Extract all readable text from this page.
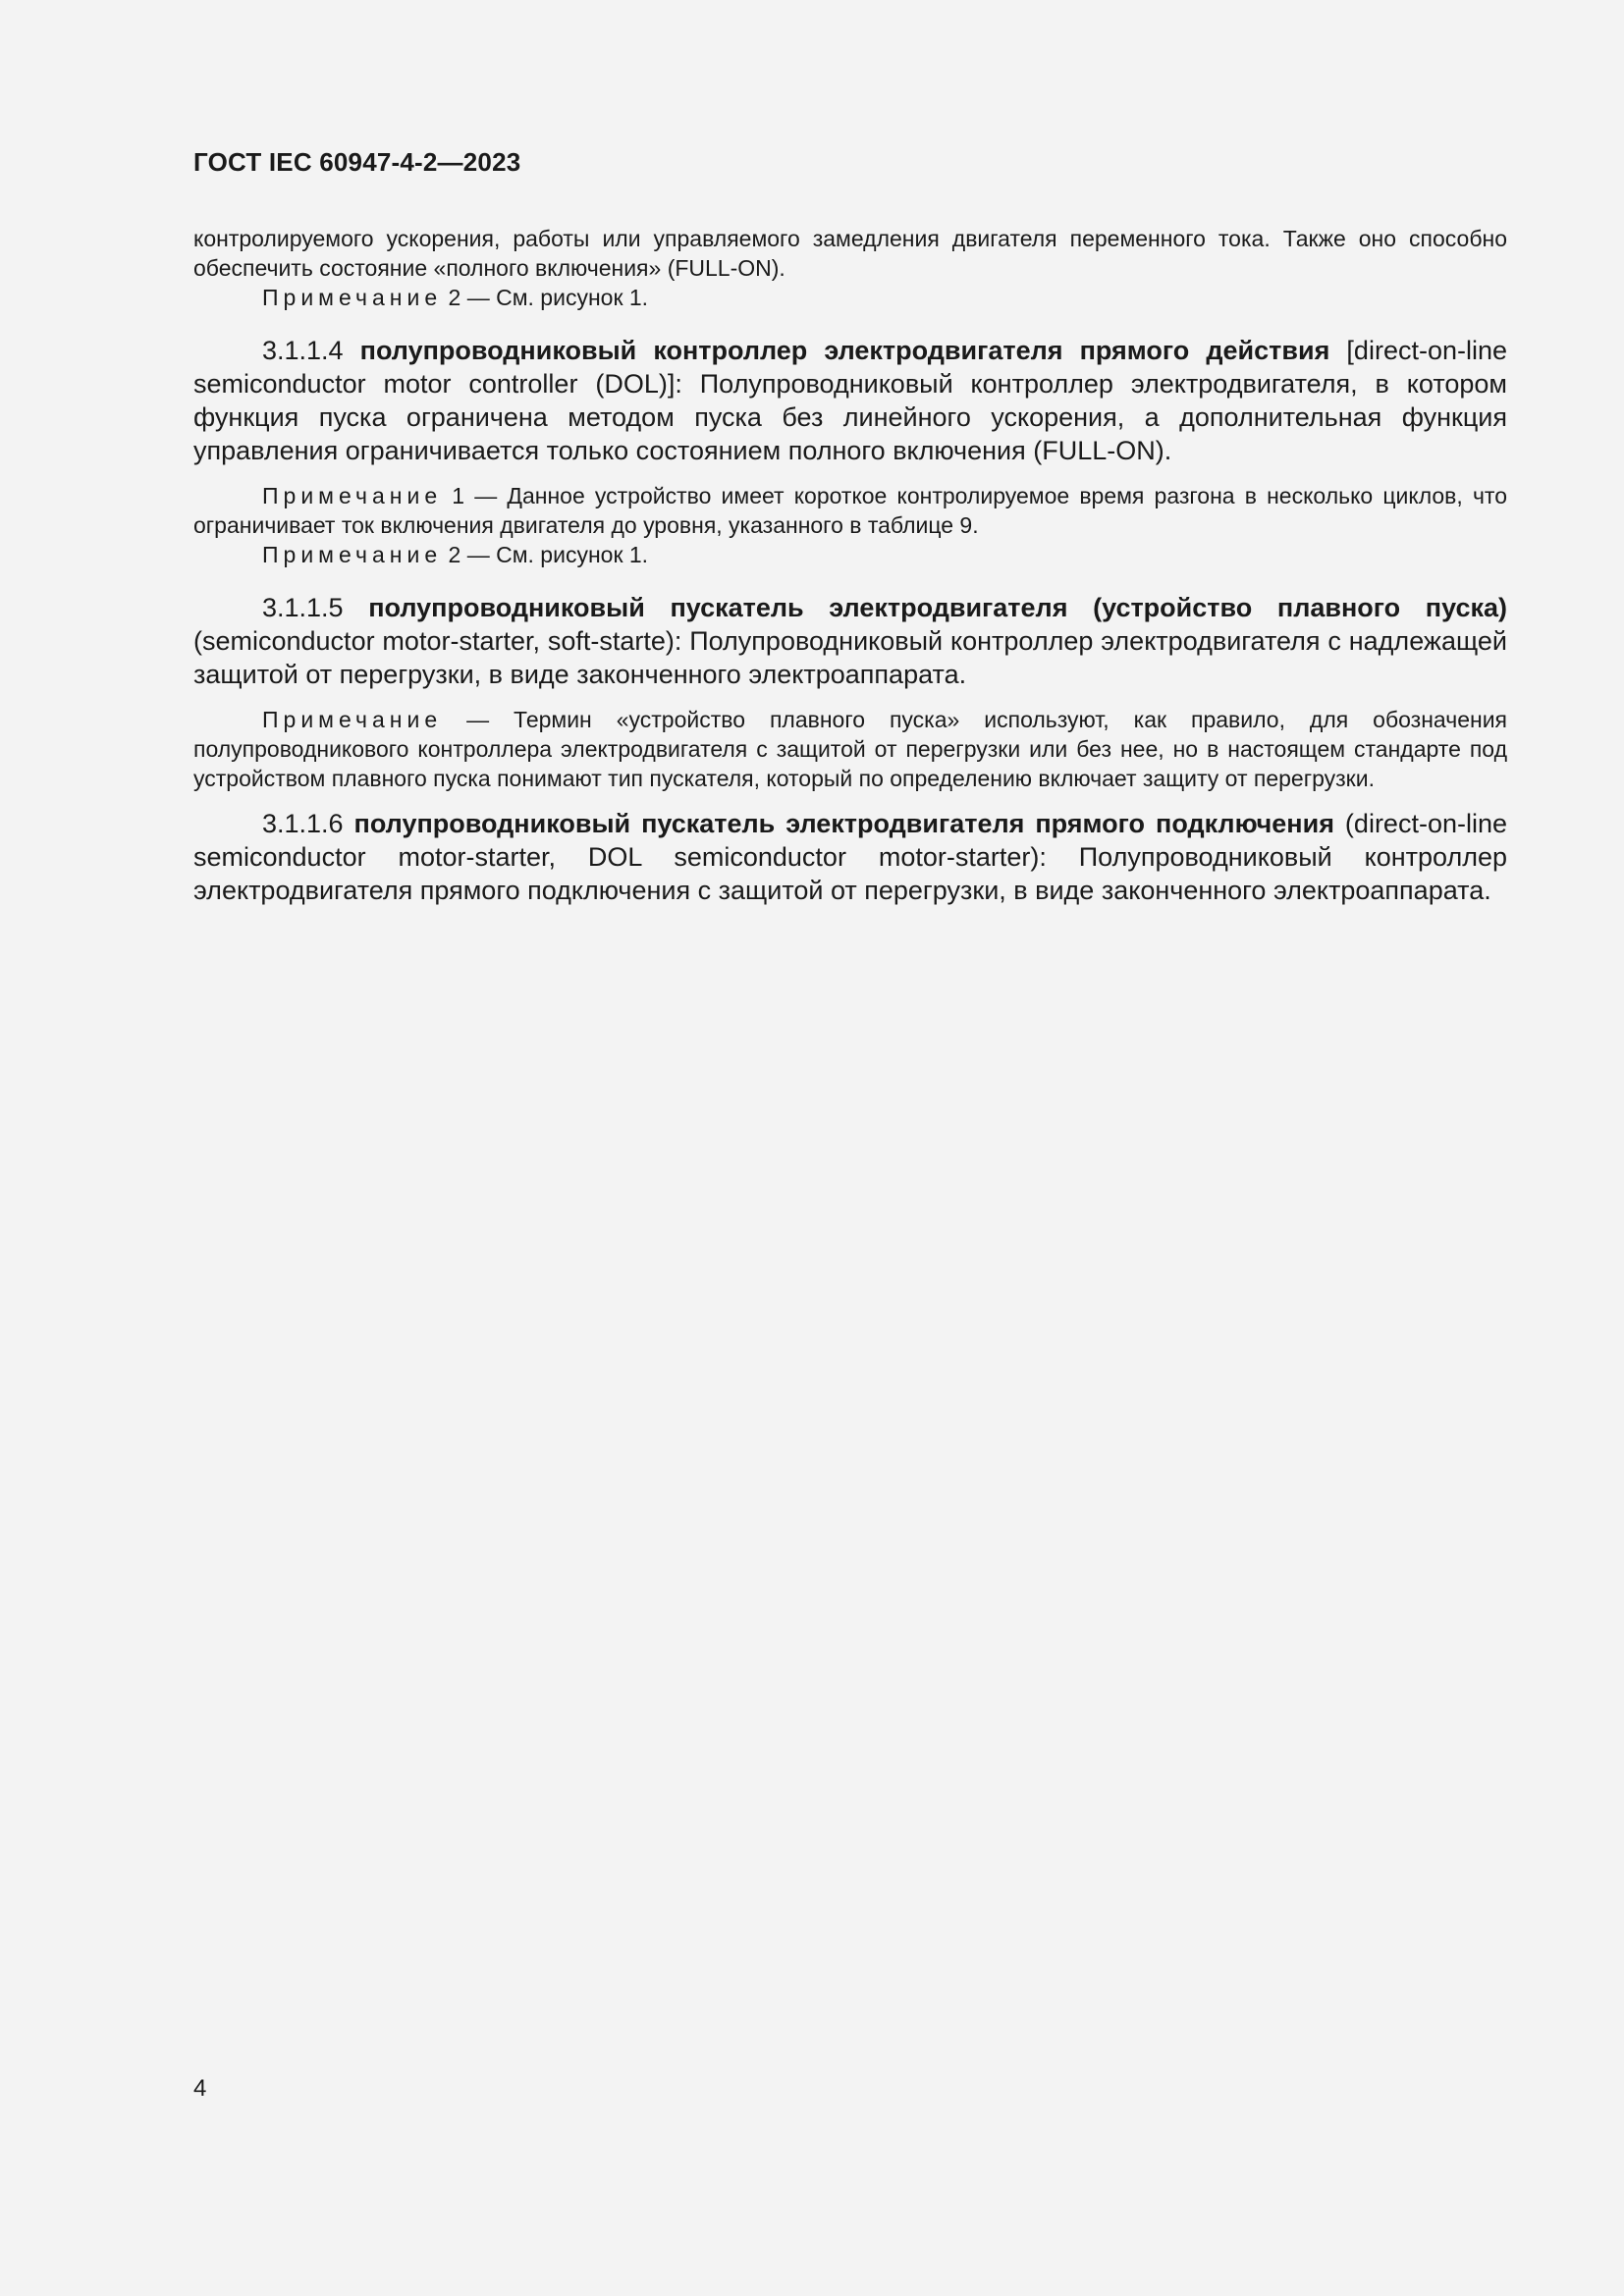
ГОСТ IEC 60947-4-2—2023

контролируемого ускорения, работы или управляемого замедления двигателя переменного тока. Также оно способно обеспечить состояние «полного включения» (FULL-ON).

Примечание 2 — См. рисунок 1.

3.1.1.4 полупроводниковый контроллер электродвигателя прямого действия [direct-on-line semiconductor motor controller (DOL)]: Полупроводниковый контроллер электродвигателя, в котором функция пуска ограничена методом пуска без линейного ускорения, а дополнительная функция управления ограничивается только состоянием полного включения (FULL-ON).

Примечание 1 — Данное устройство имеет короткое контролируемое время разгона в несколько циклов, что ограничивает ток включения двигателя до уровня, указанного в таблице 9.

Примечание 2 — См. рисунок 1.

3.1.1.5 полупроводниковый пускатель электродвигателя (устройство плавного пуска) (semiconductor motor-starter, soft-starte): Полупроводниковый контроллер электродвигателя с надлежащей защитой от перегрузки, в виде законченного электроаппарата.

Примечание — Термин «устройство плавного пуска» используют, как правило, для обозначения полупроводникового контроллера электродвигателя с защитой от перегрузки или без нее, но в настоящем стандарте под устройством плавного пуска понимают тип пускателя, который по определению включает защиту от перегрузки.

3.1.1.6 полупроводниковый пускатель электродвигателя прямого подключения (direct-on-line semiconductor motor-starter, DOL semiconductor motor-starter): Полупроводниковый контроллер электродвигателя прямого подключения с защитой от перегрузки, в виде законченного электроаппарата.

4
